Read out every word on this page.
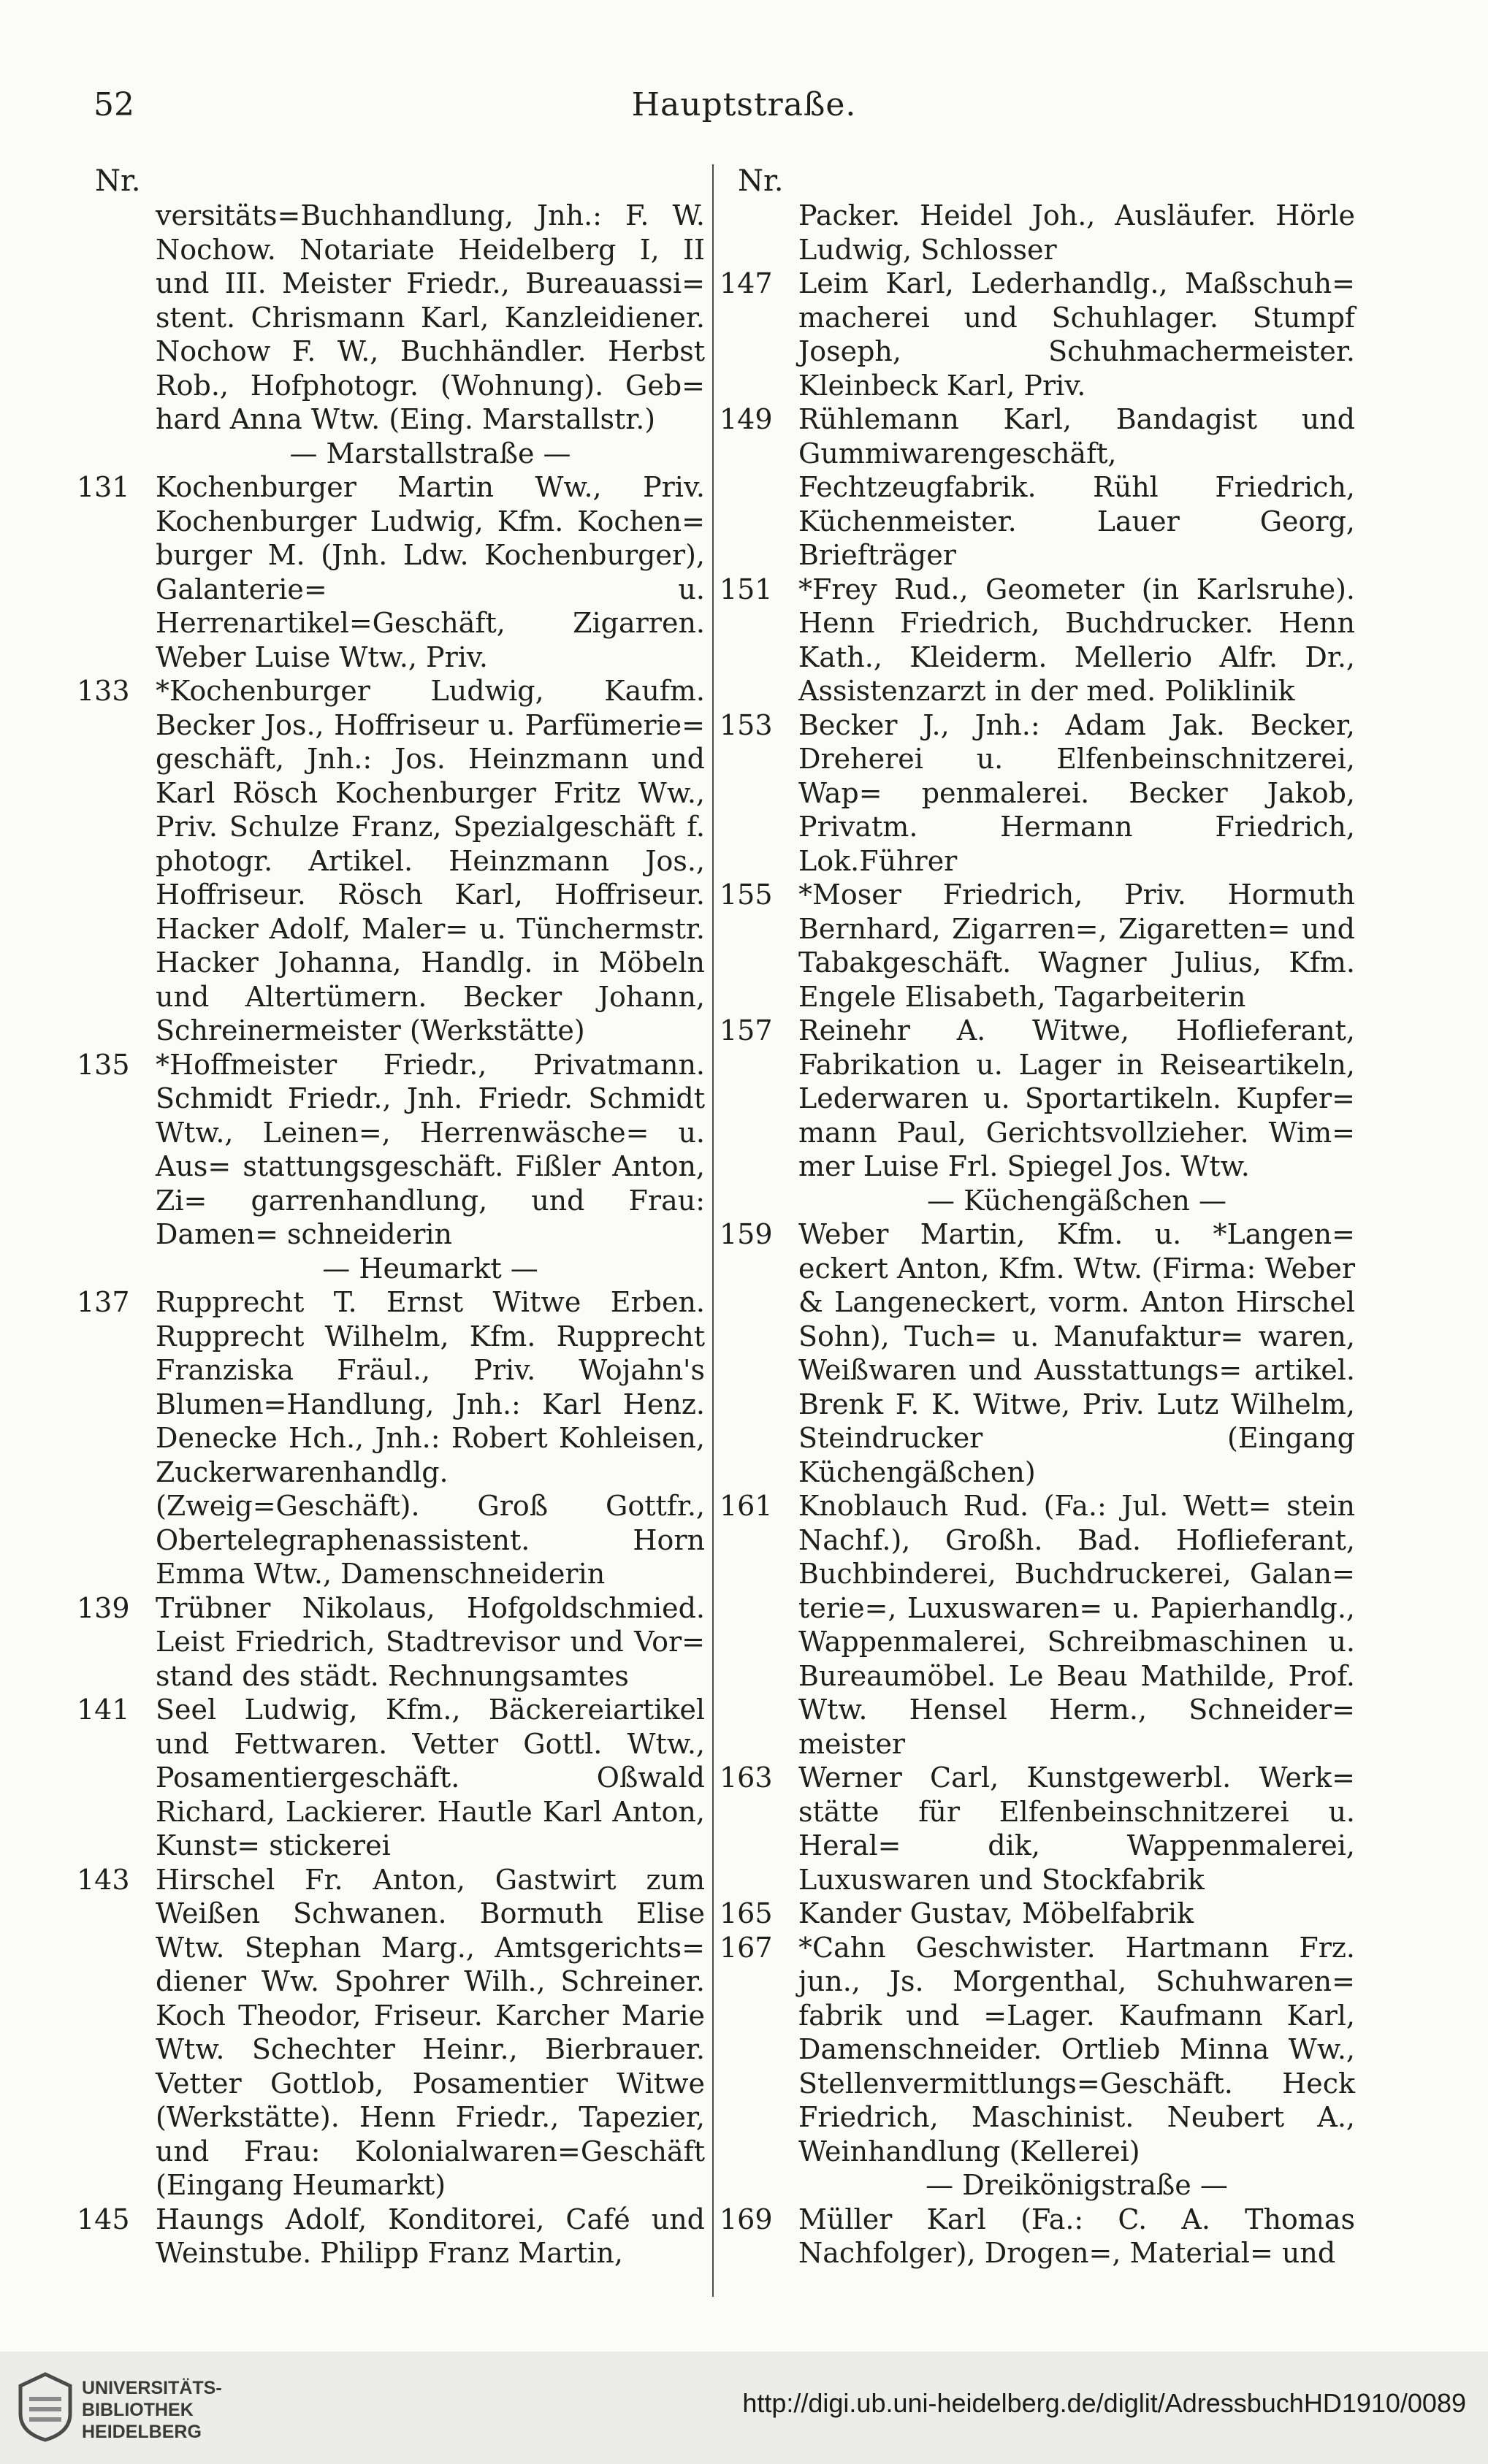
52	Hauptstraße.
Nr.
versitäts=Buchhandlung, Jnh.: F. W. Nochow. Notariate Heidelberg I, II und III. Meister Friedr., Bureauassi= stent. Chrismann Karl, Kanzleidiener. Nochow F. W., Buchhändler. Herbst Rob., Hofphotogr. (Wohnung). Geb= hard Anna Wtw. (Eing. Marstallstr.)
— Marstallstraße —
131 Kochenburger Martin Ww., Priv. Kochenburger Ludwig, Kfm. Kochen= burger M. (Jnh. Ldw. Kochenburger), Galanterie= u. Herrenartikel=Geschäft, Zigarren. Weber Luise Wtw., Priv.
133 *Kochenburger Ludwig, Kaufm. Becker Jos., Hoffriseur u. Parfümerie= geschäft, Jnh.: Jos. Heinzmann und Karl Rösch Kochenburger Fritz Ww., Priv. Schulze Franz, Spezialgeschäft f. photogr. Artikel. Heinzmann Jos., Hoffriseur. Rösch Karl, Hoffriseur. Hacker Adolf, Maler= u. Tünchermstr. Hacker Johanna, Handlg. in Möbeln und Altertümern. Becker Johann, Schreinermeister (Werkstätte)
135 *Hoffmeister Friedr., Privatmann. Schmidt Friedr., Jnh. Friedr. Schmidt Wtw., Leinen=, Herrenwäsche= u. Aus= stattungsgeschäft. Fißler Anton, Zi= garrenhandlung, und Frau: Damen= schneiderin
— Heumarkt —
137 Rupprecht T. Ernst Witwe Erben. Rupprecht Wilhelm, Kfm. Rupprecht Franziska Fräul., Priv. Wojahn's Blumen=Handlung, Jnh.: Karl Henz. Denecke Hch., Jnh.: Robert Kohleisen, Zuckerwarenhandlg. (Zweig=Geschäft). Groß Gottfr., Obertelegraphenassistent. Horn Emma Wtw., Damenschneiderin
139 Trübner Nikolaus, Hofgoldschmied. Leist Friedrich, Stadtrevisor und Vor= stand des städt. Rechnungsamtes
141 Seel Ludwig, Kfm., Bäckereiartikel und Fettwaren. Vetter Gottl. Wtw., Posamentiergeschäft. Oßwald Richard, Lackierer. Hautle Karl Anton, Kunst= stickerei
143 Hirschel Fr. Anton, Gastwirt zum Weißen Schwanen. Bormuth Elise Wtw. Stephan Marg., Amtsgerichts= diener Ww. Spohrer Wilh., Schreiner. Koch Theodor, Friseur. Karcher Marie Wtw. Schechter Heinr., Bierbrauer. Vetter Gottlob, Posamentier Witwe (Werkstätte). Henn Friedr., Tapezier, und Frau: Kolonialwaren=Geschäft (Eingang Heumarkt)
145 Haungs Adolf, Konditorei, Café und Weinstube. Philipp Franz Martin,
Nr.
Packer. Heidel Joh., Ausläufer. Hörle Ludwig, Schlosser
147 Leim Karl, Lederhandlg., Maßschuh= macherei und Schuhlager. Stumpf Joseph, Schuhmachermeister. Kleinbeck Karl, Priv.
149 Rühlemann Karl, Bandagist und Gummiwarengeschäft, Fechtzeugfabrik. Rühl Friedrich, Küchenmeister. Lauer Georg, Briefträger
151 *Frey Rud., Geometer (in Karlsruhe). Henn Friedrich, Buchdrucker. Henn Kath., Kleiderm. Mellerio Alfr. Dr., Assistenzarzt in der med. Poliklinik
153 Becker J., Jnh.: Adam Jak. Becker, Dreherei u. Elfenbeinschnitzerei, Wap= penmalerei. Becker Jakob, Privatm. Hermann Friedrich, Lok.Führer
155 *Moser Friedrich, Priv. Hormuth Bernhard, Zigarren=, Zigaretten= und Tabakgeschäft. Wagner Julius, Kfm. Engele Elisabeth, Tagarbeiterin
157 Reinehr A. Witwe, Hoflieferant, Fabrikation u. Lager in Reiseartikeln, Lederwaren u. Sportartikeln. Kupfer= mann Paul, Gerichtsvollzieher. Wim= mer Luise Frl. Spiegel Jos. Wtw.
— Küchengäßchen —
159 Weber Martin, Kfm. u. *Langen= eckert Anton, Kfm. Wtw. (Firma: Weber & Langeneckert, vorm. Anton Hirschel Sohn), Tuch= u. Manufaktur= waren, Weißwaren und Ausstattungs= artikel. Brenk F. K. Witwe, Priv. Lutz Wilhelm, Steindrucker (Eingang Küchengäßchen)
161 Knoblauch Rud. (Fa.: Jul. Wett= stein Nachf.), Großh. Bad. Hoflieferant, Buchbinderei, Buchdruckerei, Galan= terie=, Luxuswaren= u. Papierhandlg., Wappenmalerei, Schreibmaschinen u. Bureaumöbel. Le Beau Mathilde, Prof. Wtw. Hensel Herm., Schneider= meister
163 Werner Carl, Kunstgewerbl. Werk= stätte für Elfenbeinschnitzerei u. Heral= dik, Wappenmalerei, Luxuswaren und Stockfabrik
165 Kander Gustav, Möbelfabrik
167 *Cahn Geschwister. Hartmann Frz. jun., Js. Morgenthal, Schuhwaren= fabrik und =Lager. Kaufmann Karl, Damenschneider. Ortlieb Minna Ww., Stellenvermittlungs=Geschäft. Heck Friedrich, Maschinist. Neubert A., Weinhandlung (Kellerei)
— Dreikönigstraße —
169 Müller Karl (Fa.: C. A. Thomas Nachfolger), Drogen=, Material= und
UNIVERSITÄTS-
BIBLIOTHEK
HEIDELBERG
http://digi.ub.uni-heidelberg.de/diglit/AdressbuchHD1910/0089
